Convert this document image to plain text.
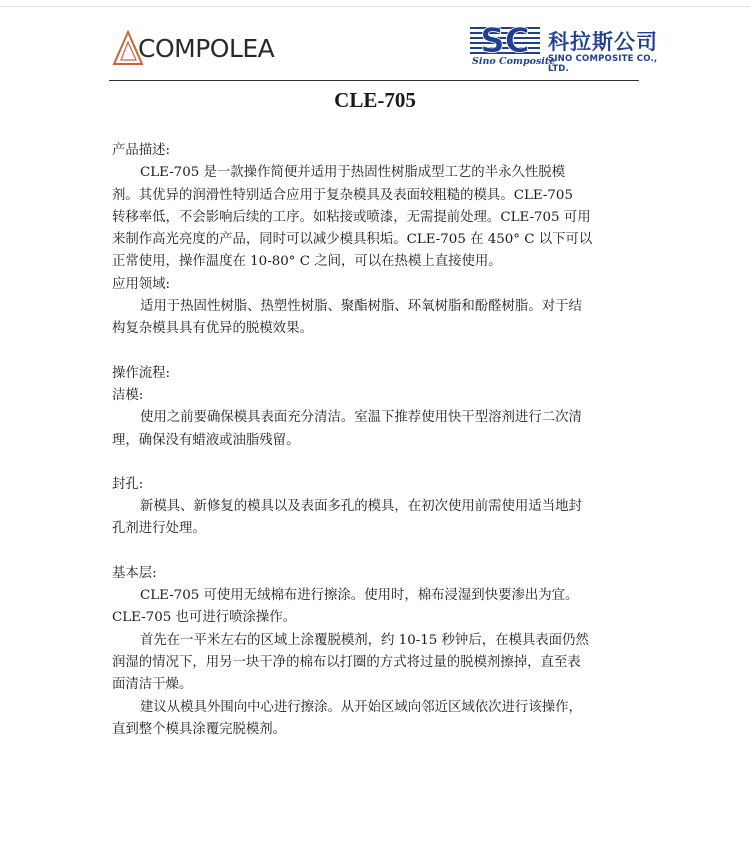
COMPOLEA	SC
Sino Composite
科拉斯公司
SINO COMPOSITE CO., LTD.
CLE-705

产品描述:

CLE-705 是一款操作简便并适用于热固性树脂成型工艺的半永久性脱模

剂。其优异的润滑性特别适合应用于复杂模具及表面较粗糙的模具。CLE-705

转移率低，不会影响后续的工序。如粘接或喷漆，无需提前处理。CLE-705 可用

来制作高光亮度的产品，同时可以减少模具积垢。CLE-705 在 450° C 以下可以

正常使用，操作温度在 10-80° C 之间，可以在热模上直接使用。

应用领域:

适用于热固性树脂、热塑性树脂、聚酯树脂、环氧树脂和酚醛树脂。对于结

构复杂模具具有优异的脱模效果。

操作流程:

洁模:

使用之前要确保模具表面充分清洁。室温下推荐使用快干型溶剂进行二次清

理，确保没有蜡液或油脂残留。

封孔:

新模具、新修复的模具以及表面多孔的模具，在初次使用前需使用适当地封

孔剂进行处理。

基本层:

CLE-705 可使用无绒棉布进行擦涂。使用时，棉布浸湿到快要渗出为宜。

CLE-705 也可进行喷涂操作。

首先在一平米左右的区域上涂覆脱模剂，约 10-15 秒钟后，在模具表面仍然

润湿的情况下，用另一块干净的棉布以打圈的方式将过量的脱模剂擦掉，直至表

面清洁干燥。

建议从模具外围向中心进行擦涂。从开始区域向邻近区域依次进行该操作，

直到整个模具涂覆完脱模剂。
